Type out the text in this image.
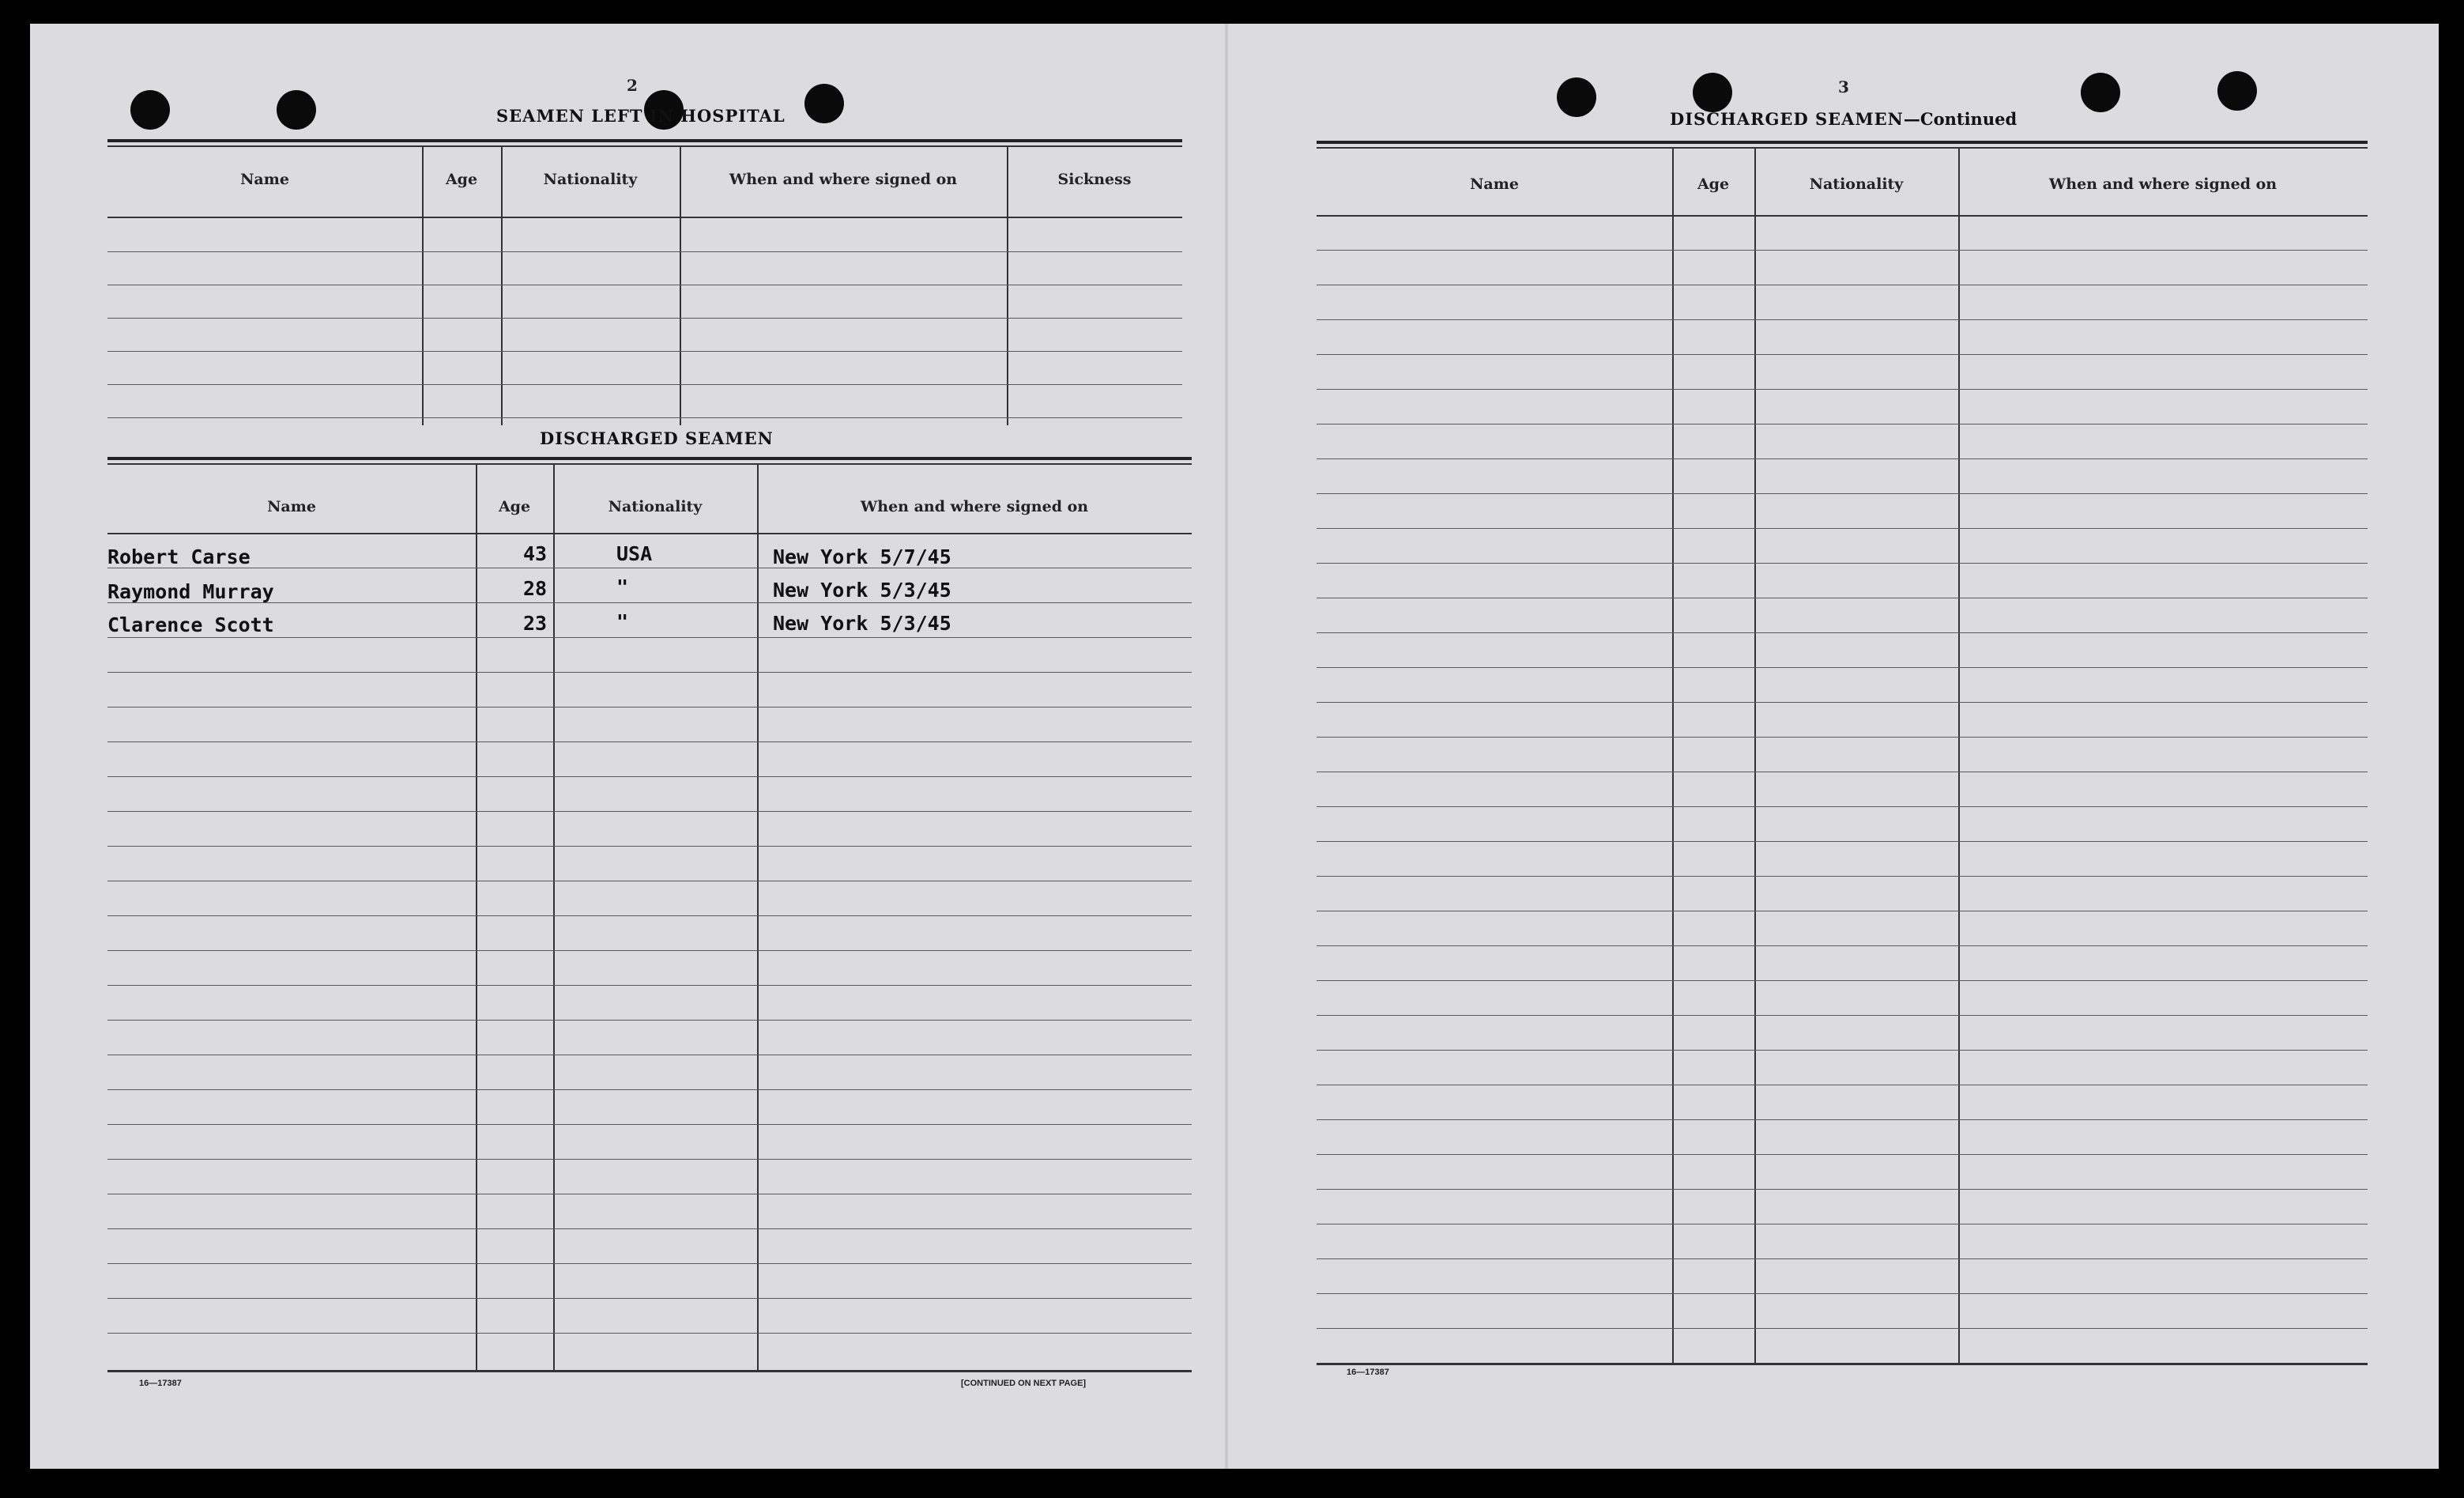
2
SEAMEN LEFT IN HOSPITAL
Name	Age	Nationality	When and where signed on	Sickness
DISCHARGED SEAMEN
Name	Age	Nationality	When and where signed on
Robert Carse	43	USA	New York 5/7/45
Raymond Murray	28	"	New York 5/3/45
Clarence Scott	23	"	New York 5/3/45
16—17387	[CONTINUED ON NEXT PAGE]
3
DISCHARGED SEAMEN—Continued
Name	Age	Nationality	When and where signed on
16—17387
